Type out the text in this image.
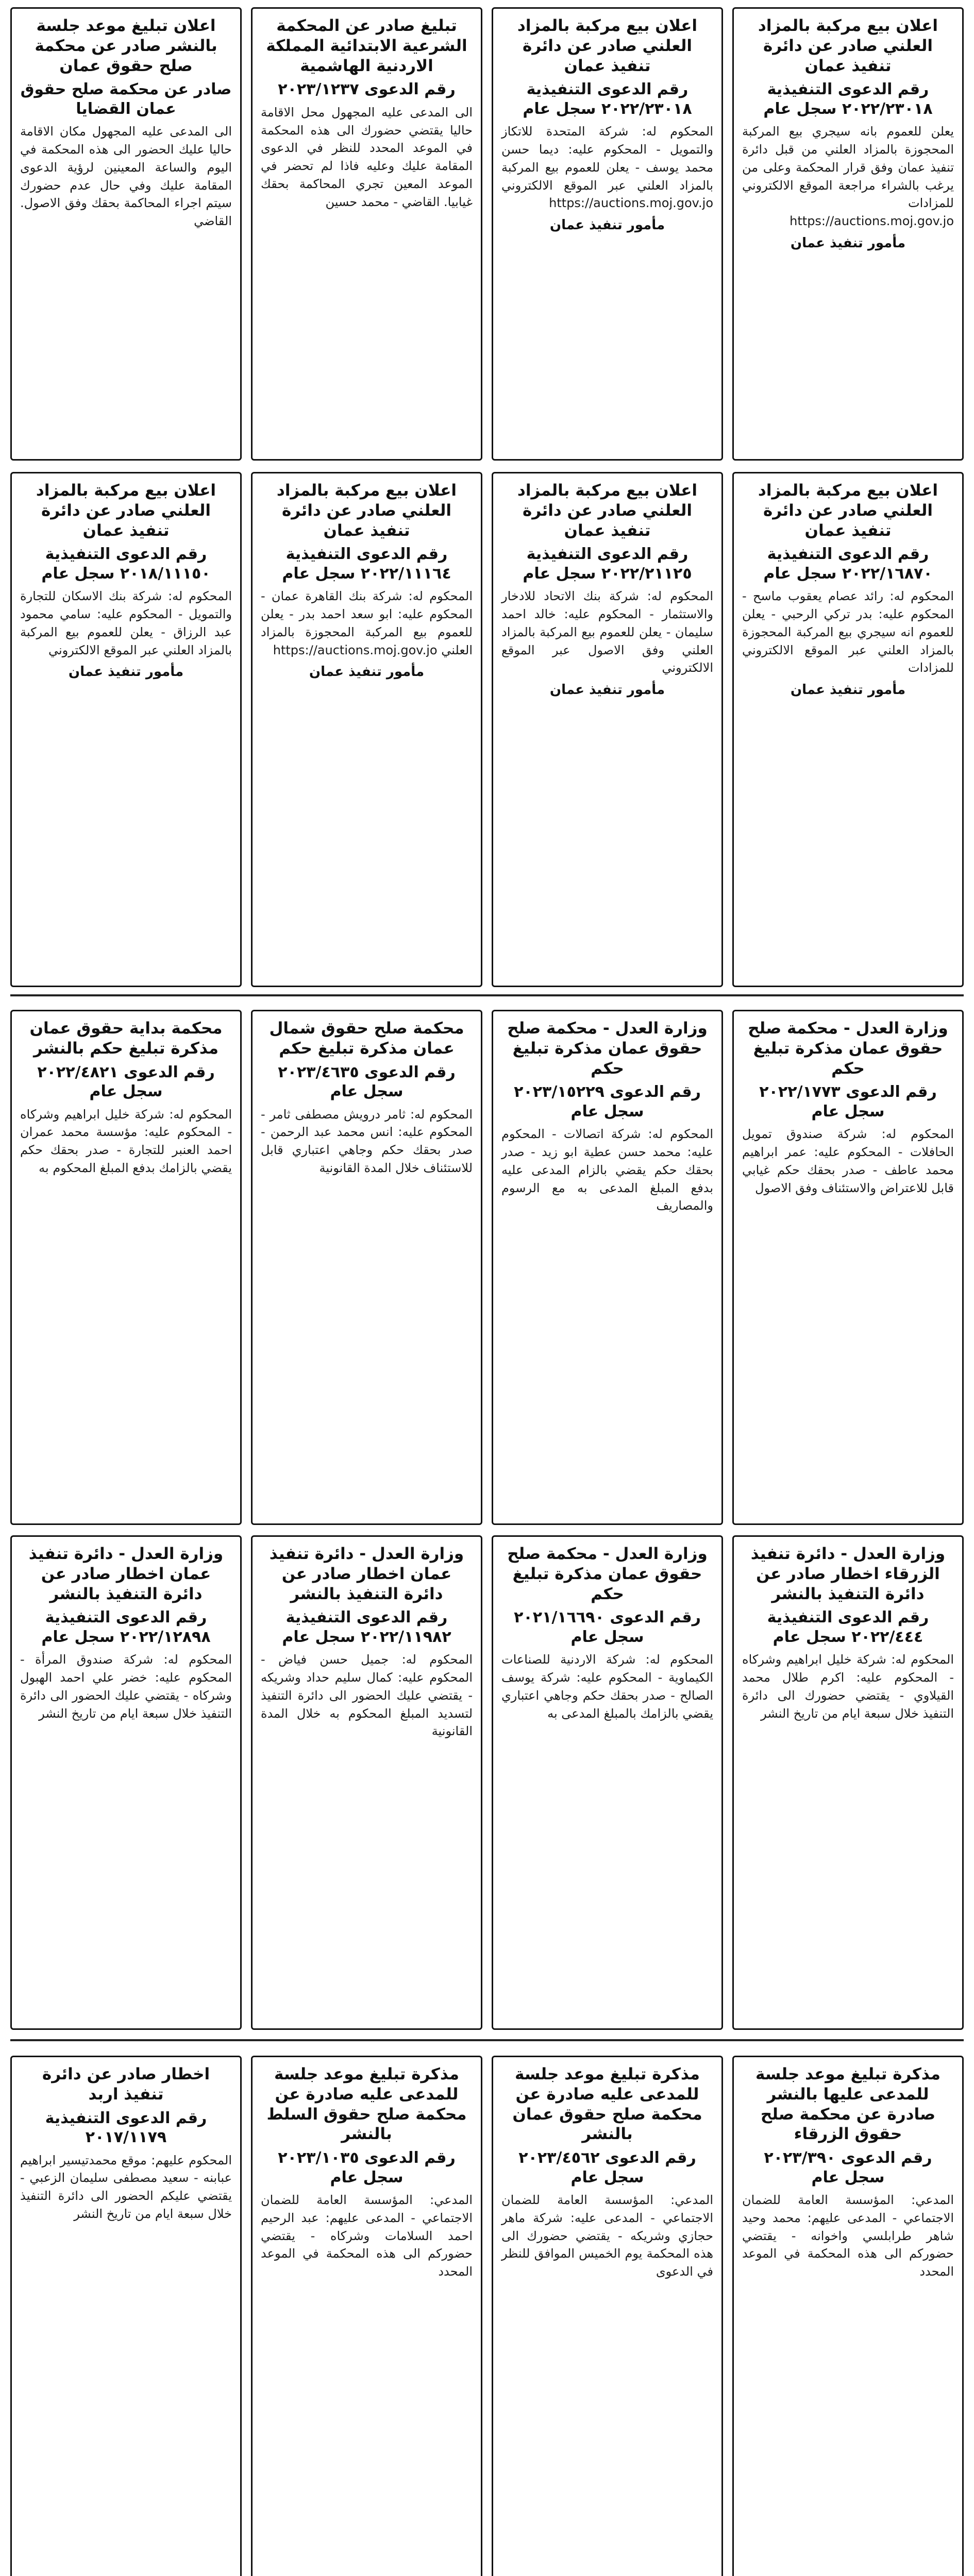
اعلان تبليغ موعد جلسة بالنشر صادر عن محكمة صلح حقوق عمان
صادر عن محكمة صلح حقوق عمان القضايا
الى المدعى عليه المجهول مكان الاقامة حاليا عليك الحضور الى هذه المحكمة في اليوم والساعة المعينين لرؤية الدعوى المقامة عليك وفي حال عدم حضورك سيتم اجراء المحاكمة بحقك وفق الاصول. القاضي
تبليغ صادر عن المحكمة الشرعية الابتدائية المملكة الاردنية الهاشمية
رقم الدعوى ٢٠٢٣/١٢٣٧
الى المدعى عليه المجهول محل الاقامة حاليا يقتضي حضورك الى هذه المحكمة في الموعد المحدد للنظر في الدعوى المقامة عليك وعليه فاذا لم تحضر في الموعد المعين تجري المحاكمة بحقك غيابيا. القاضي - محمد حسين
اعلان بيع مركبة بالمزاد العلني صادر عن دائرة تنفيذ عمان
رقم الدعوى التنفيذية ٢٠٢٢/٢٣٠١٨ سجل عام
المحكوم له: شركة المتحدة للاتكاز والتمويل - المحكوم عليه: ديما حسن محمد يوسف - يعلن للعموم بيع المركبة بالمزاد العلني عبر الموقع الالكتروني https://auctions.moj.gov.jo
مأمور تنفيذ عمان
اعلان بيع مركبة بالمزاد العلني صادر عن دائرة تنفيذ عمان
رقم الدعوى التنفيذية ٢٠٢٢/٢٣٠١٨ سجل عام
يعلن للعموم بانه سيجري بيع المركبة المحجوزة بالمزاد العلني من قبل دائرة تنفيذ عمان وفق قرار المحكمة وعلى من يرغب بالشراء مراجعة الموقع الالكتروني للمزادات https://auctions.moj.gov.jo
مأمور تنفيذ عمان
اعلان بيع مركبة بالمزاد العلني صادر عن دائرة تنفيذ عمان
رقم الدعوى التنفيذية ٢٠١٨/١١١٥٠ سجل عام
المحكوم له: شركة بنك الاسكان للتجارة والتمويل - المحكوم عليه: سامي محمود عبد الرزاق - يعلن للعموم بيع المركبة بالمزاد العلني عبر الموقع الالكتروني
مأمور تنفيذ عمان
اعلان بيع مركبة بالمزاد العلني صادر عن دائرة تنفيذ عمان
رقم الدعوى التنفيذية ٢٠٢٢/١١١٦٤ سجل عام
المحكوم له: شركة بنك القاهرة عمان - المحكوم عليه: ابو سعد احمد بدر - يعلن للعموم بيع المركبة المحجوزة بالمزاد العلني https://auctions.moj.gov.jo
مأمور تنفيذ عمان
اعلان بيع مركبة بالمزاد العلني صادر عن دائرة تنفيذ عمان
رقم الدعوى التنفيذية ٢٠٢٢/٢١١٢٥ سجل عام
المحكوم له: شركة بنك الاتحاد للادخار والاستثمار - المحكوم عليه: خالد احمد سليمان - يعلن للعموم بيع المركبة بالمزاد العلني وفق الاصول عبر الموقع الالكتروني
مأمور تنفيذ عمان
اعلان بيع مركبة بالمزاد العلني صادر عن دائرة تنفيذ عمان
رقم الدعوى التنفيذية ٢٠٢٢/١٦٨٧٠ سجل عام
المحكوم له: رائد عصام يعقوب ماسح - المحكوم عليه: بدر تركي الرحبي - يعلن للعموم انه سيجري بيع المركبة المحجوزة بالمزاد العلني عبر الموقع الالكتروني للمزادات
مأمور تنفيذ عمان
محكمة بداية حقوق عمان مذكرة تبليغ حكم بالنشر
رقم الدعوى ٢٠٢٢/٤٨٢١ سجل عام
المحكوم له: شركة خليل ابراهيم وشركاه - المحكوم عليه: مؤسسة محمد عمران احمد العنبر للتجارة - صدر بحقك حكم يقضي بالزامك بدفع المبلغ المحكوم به
محكمة صلح حقوق شمال عمان مذكرة تبليغ حكم
رقم الدعوى ٢٠٢٣/٤٦٣٥ سجل عام
المحكوم له: ثامر درويش مصطفى ثامر - المحكوم عليه: انس محمد عبد الرحمن - صدر بحقك حكم وجاهي اعتباري قابل للاستئناف خلال المدة القانونية
وزارة العدل - محكمة صلح حقوق عمان مذكرة تبليغ حكم
رقم الدعوى ٢٠٢٣/١٥٢٢٩ سجل عام
المحكوم له: شركة اتصالات - المحكوم عليه: محمد حسن عطية ابو زيد - صدر بحقك حكم يقضي بالزام المدعى عليه بدفع المبلغ المدعى به مع الرسوم والمصاريف
وزارة العدل - محكمة صلح حقوق عمان مذكرة تبليغ حكم
رقم الدعوى ٢٠٢٢/١٧٧٣ سجل عام
المحكوم له: شركة صندوق تمويل الحافلات - المحكوم عليه: عمر ابراهيم محمد عاطف - صدر بحقك حكم غيابي قابل للاعتراض والاستئناف وفق الاصول
وزارة العدل - دائرة تنفيذ عمان اخطار صادر عن دائرة التنفيذ بالنشر
رقم الدعوى التنفيذية ٢٠٢٢/١٢٨٩٨ سجل عام
المحكوم له: شركة صندوق المرأة - المحكوم عليه: خضر علي احمد الهبول وشركاه - يقتضي عليك الحضور الى دائرة التنفيذ خلال سبعة ايام من تاريخ النشر
وزارة العدل - دائرة تنفيذ عمان اخطار صادر عن دائرة التنفيذ بالنشر
رقم الدعوى التنفيذية ٢٠٢٢/١١٩٨٢ سجل عام
المحكوم له: جميل حسن فياض - المحكوم عليه: كمال سليم حداد وشريكه - يقتضي عليك الحضور الى دائرة التنفيذ لتسديد المبلغ المحكوم به خلال المدة القانونية
وزارة العدل - محكمة صلح حقوق عمان مذكرة تبليغ حكم
رقم الدعوى ٢٠٢١/١٦٦٩٠ سجل عام
المحكوم له: شركة الاردنية للصناعات الكيماوية - المحكوم عليه: شركة يوسف الصالح - صدر بحقك حكم وجاهي اعتباري يقضي بالزامك بالمبلغ المدعى به
وزارة العدل - دائرة تنفيذ الزرقاء اخطار صادر عن دائرة التنفيذ بالنشر
رقم الدعوى التنفيذية ٢٠٢٢/٤٤٤ سجل عام
المحكوم له: شركة خليل ابراهيم وشركاه - المحكوم عليه: اكرم طلال محمد القيلاوي - يقتضي حضورك الى دائرة التنفيذ خلال سبعة ايام من تاريخ النشر
اخطار صادر عن دائرة تنفيذ اربد
رقم الدعوى التنفيذية ٢٠١٧/١١٧٩
المحكوم عليهم: موقع محمدتيسير ابراهيم عبابنه - سعيد مصطفى سليمان الزعبي - يقتضي عليكم الحضور الى دائرة التنفيذ خلال سبعة ايام من تاريخ النشر
مذكرة تبليغ موعد جلسة للمدعى عليه صادرة عن محكمة صلح حقوق السلط بالنشر
رقم الدعوى ٢٠٢٣/١٠٣٥ سجل عام
المدعي: المؤسسة العامة للضمان الاجتماعي - المدعى عليهم: عبد الرحيم احمد السلامات وشركاه - يقتضي حضوركم الى هذه المحكمة في الموعد المحدد
مذكرة تبليغ موعد جلسة للمدعى عليه صادرة عن محكمة صلح حقوق عمان بالنشر
رقم الدعوى ٢٠٢٣/٤٥٦٢ سجل عام
المدعي: المؤسسة العامة للضمان الاجتماعي - المدعى عليه: شركة ماهر حجازي وشريكه - يقتضي حضورك الى هذه المحكمة يوم الخميس الموافق للنظر في الدعوى
مذكرة تبليغ موعد جلسة للمدعى عليها بالنشر صادرة عن محكمة صلح حقوق الزرقاء
رقم الدعوى ٢٠٢٣/٣٩٠ سجل عام
المدعي: المؤسسة العامة للضمان الاجتماعي - المدعى عليهم: محمد وحيد شاهر طرابلسي واخوانه - يقتضي حضوركم الى هذه المحكمة في الموعد المحدد
